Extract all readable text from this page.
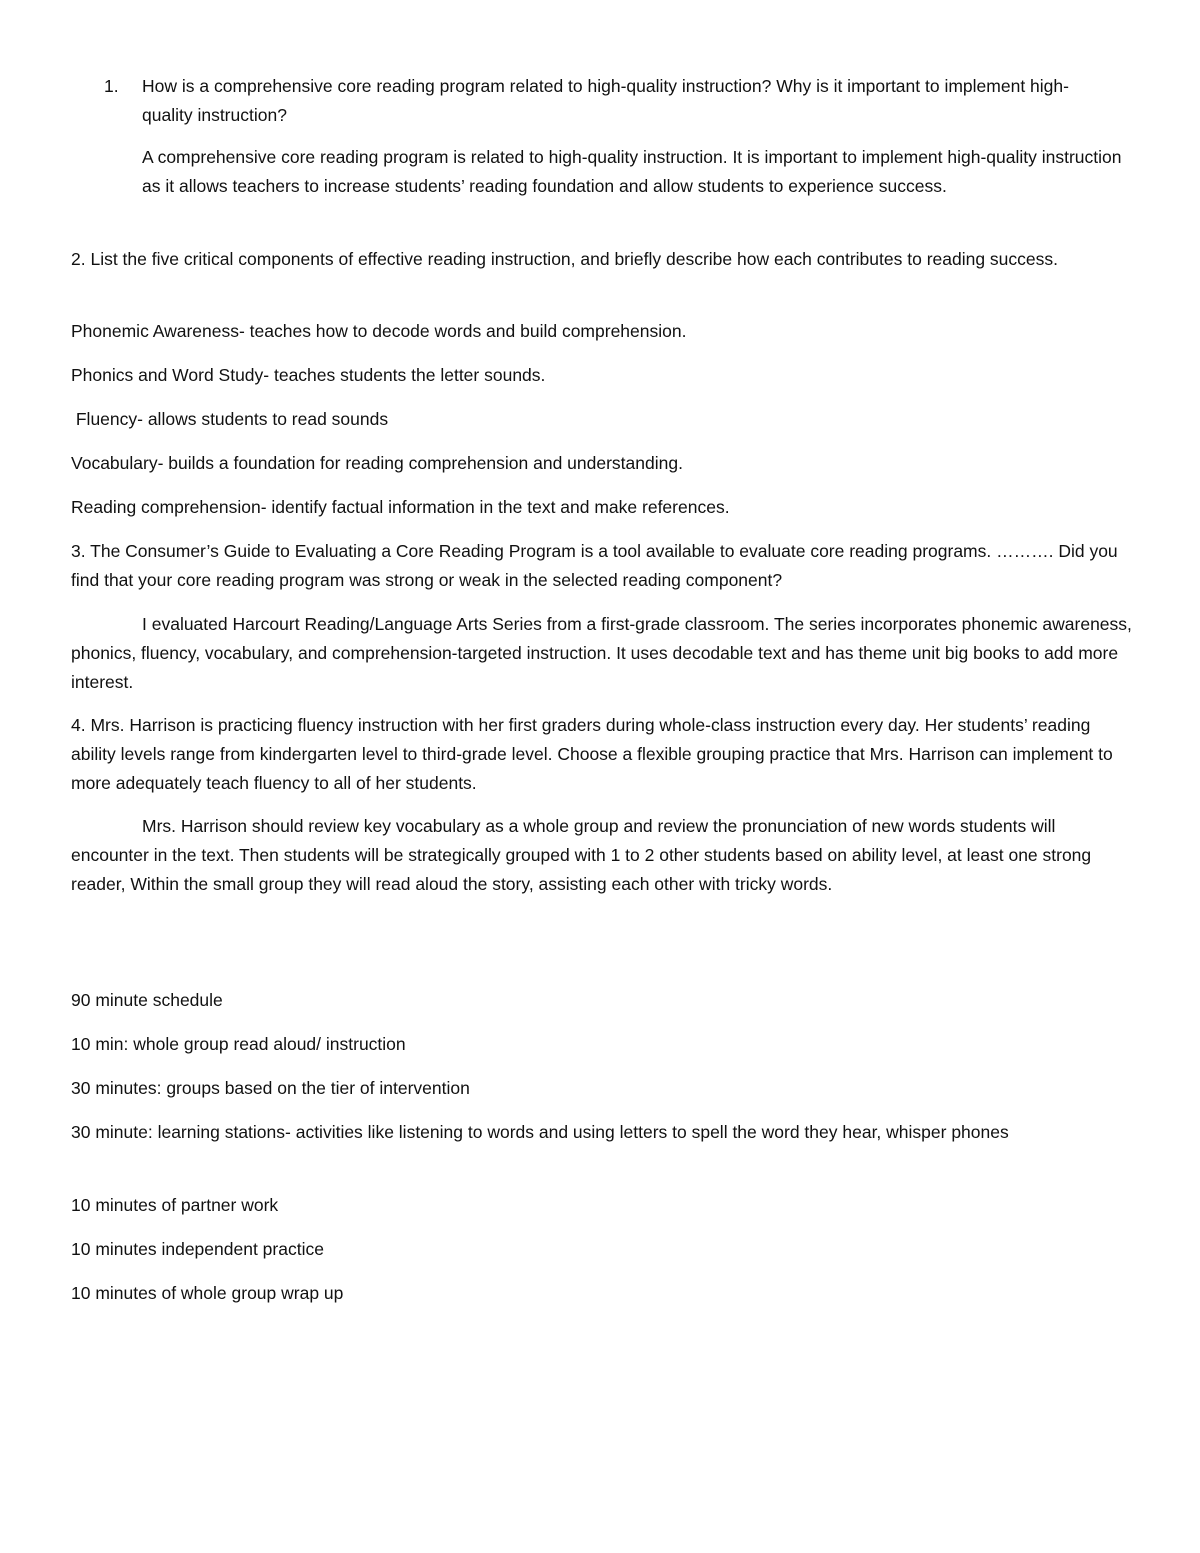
1. How is a comprehensive core reading program related to high-quality instruction? Why is it important to implement high-quality instruction?

A comprehensive core reading program is related to high-quality instruction. It is important to implement high-quality instruction as it allows teachers to increase students’ reading foundation and allow students to experience success.

2. List the five critical components of effective reading instruction, and briefly describe how each contributes to reading success.

Phonemic Awareness- teaches how to decode words and build comprehension.

Phonics and Word Study- teaches students the letter sounds.

Fluency- allows students to read sounds

Vocabulary- builds a foundation for reading comprehension and understanding.

Reading comprehension- identify factual information in the text and make references.

3. The Consumer’s Guide to Evaluating a Core Reading Program is a tool available to evaluate core reading programs. ………. Did you find that your core reading program was strong or weak in the selected reading component?

I evaluated Harcourt Reading/Language Arts Series from a first-grade classroom. The series incorporates phonemic awareness, phonics, fluency, vocabulary, and comprehension-targeted instruction. It uses decodable text and has theme unit big books to add more interest.

4. Mrs. Harrison is practicing fluency instruction with her first graders during whole-class instruction every day. Her students’ reading ability levels range from kindergarten level to third-grade level. Choose a flexible grouping practice that Mrs. Harrison can implement to more adequately teach fluency to all of her students.

Mrs. Harrison should review key vocabulary as a whole group and review the pronunciation of new words students will encounter in the text. Then students will be strategically grouped with 1 to 2 other students based on ability level, at least one strong reader, Within the small group they will read aloud the story, assisting each other with tricky words.

90 minute schedule

10 min: whole group read aloud/ instruction

30 minutes: groups based on the tier of intervention

30 minute: learning stations- activities like listening to words and using letters to spell the word they hear, whisper phones

10 minutes of partner work

10 minutes independent practice

10 minutes of whole group wrap up
